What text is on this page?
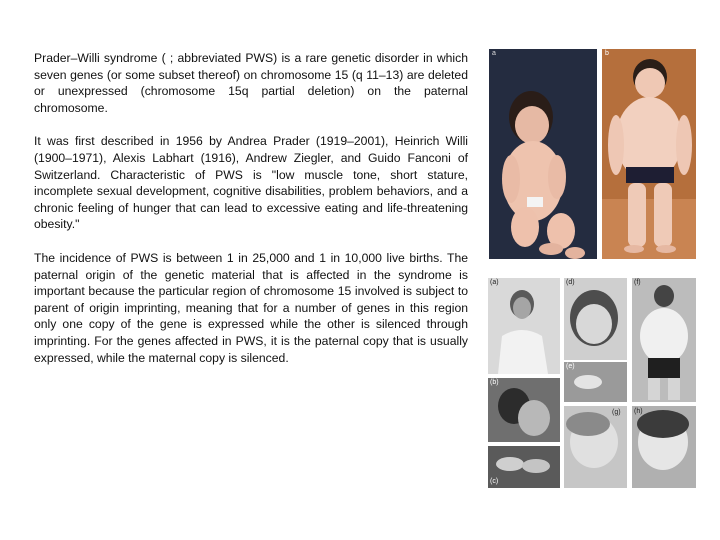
Prader–Willi syndrome ( ; abbreviated PWS) is a rare genetic disorder in which seven genes (or some subset thereof) on chromosome 15 (q 11–13) are deleted or unexpressed (chromosome 15q partial deletion) on the paternal chromosome.

It was first described in 1956 by Andrea Prader (1919–2001), Heinrich Willi (1900–1971), Alexis Labhart (1916), Andrew Ziegler, and Guido Fanconi of Switzerland. Characteristic of PWS is "low muscle tone, short stature, incomplete sexual development, cognitive disabilities, problem behaviors, and a chronic feeling of hunger that can lead to excessive eating and life-threatening obesity."

The incidence of PWS is between 1 in 25,000 and 1 in 10,000 live births. The paternal origin of the genetic material that is affected in the syndrome is important because the particular region of chromosome 15 involved is subject to parent of origin imprinting, meaning that for a number of genes in this region only one copy of the gene is expressed while the other is silenced through imprinting. For the genes affected in PWS, it is the paternal copy that is usually expressed, while the maternal copy is silenced.

a	b
(a)
(b)
(c)
(d)
(e)
(f)
(g) (h)
